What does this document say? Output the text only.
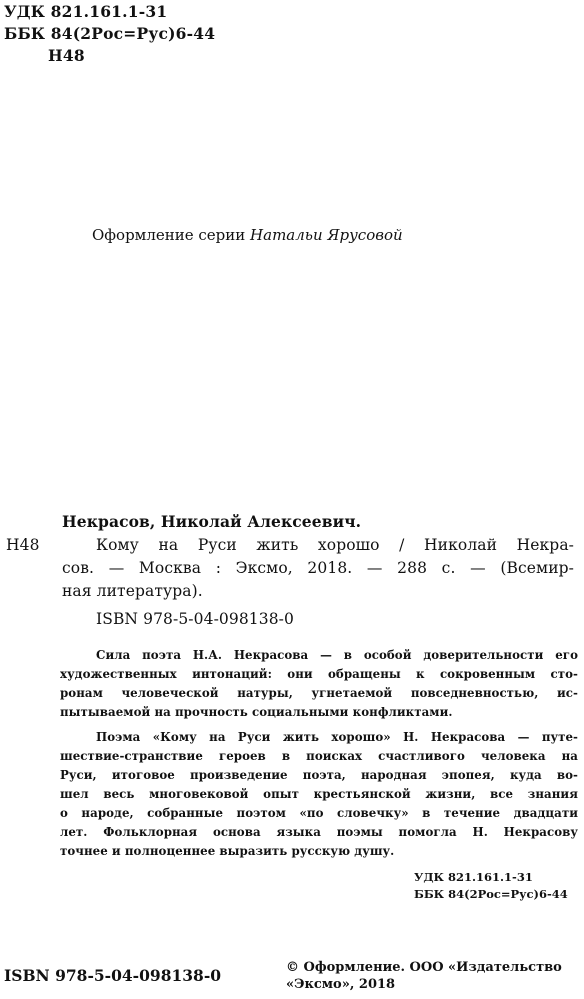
УДК 821.161.1-31
ББК 84(2Рос=Рус)6-44
Н48
Оформление серии Натальи Ярусовой
Некрасов, Николай Алексеевич.
Н48	Кому на Руси жить хорошо / Николай Некра-
сов. — Москва : Эксмо, 2018. — 288 с. — (Всемир-
ная литература).
ISBN 978-5-04-098138-0
Сила поэта Н.А. Некрасова — в особой доверительности его
художественных интонаций: они обращены к сокровенным сто-
ронам человеческой натуры, угнетаемой повседневностью, ис-
пытываемой на прочность социальными конфликтами.
Поэма «Кому на Руси жить хорошо» Н. Некрасова — путе-
шествие-странствие героев в поисках счастливого человека на
Руси, итоговое произведение поэта, народная эпопея, куда во-
шел весь многовековой опыт крестьянской жизни, все знания
о народе, собранные поэтом «по словечку» в течение двадцати
лет. Фольклорная основа языка поэмы помогла Н. Некрасову
точнее и полноценнее выразить русскую душу.
УДК 821.161.1-31
ББК 84(2Рос=Рус)6-44
ISBN 978-5-04-098138-0	© Оформление. ООО «Издательство
«Эксмо», 2018
